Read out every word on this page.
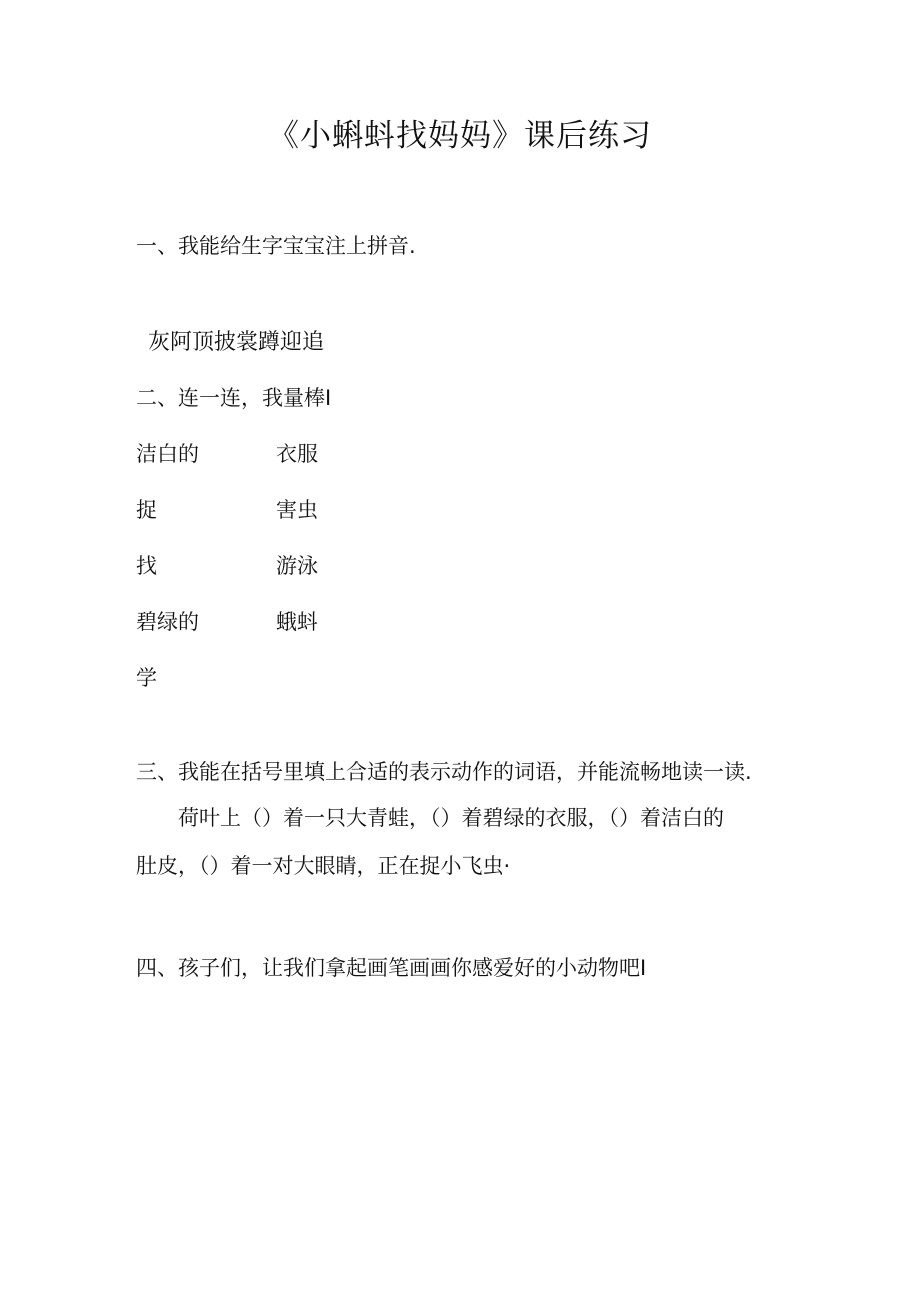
《小蝌蚪找妈妈》课后练习
一、我能给生字宝宝注上拼音.
灰阿顶披裳蹲迎追
二、连一连，我量棒I
洁白的
捉
找
碧绿的
学
衣服
害虫
游泳
蛾蚪
三、我能在括号里填上合适的表示动作的词语，并能流畅地读一读.
荷叶上（）着一只大青蛙，（）着碧绿的衣服，（）着洁白的
肚皮，（）着一对大眼睛，正在捉小飞虫·
四、孩子们，让我们拿起画笔画画你感爱好的小动物吧I
